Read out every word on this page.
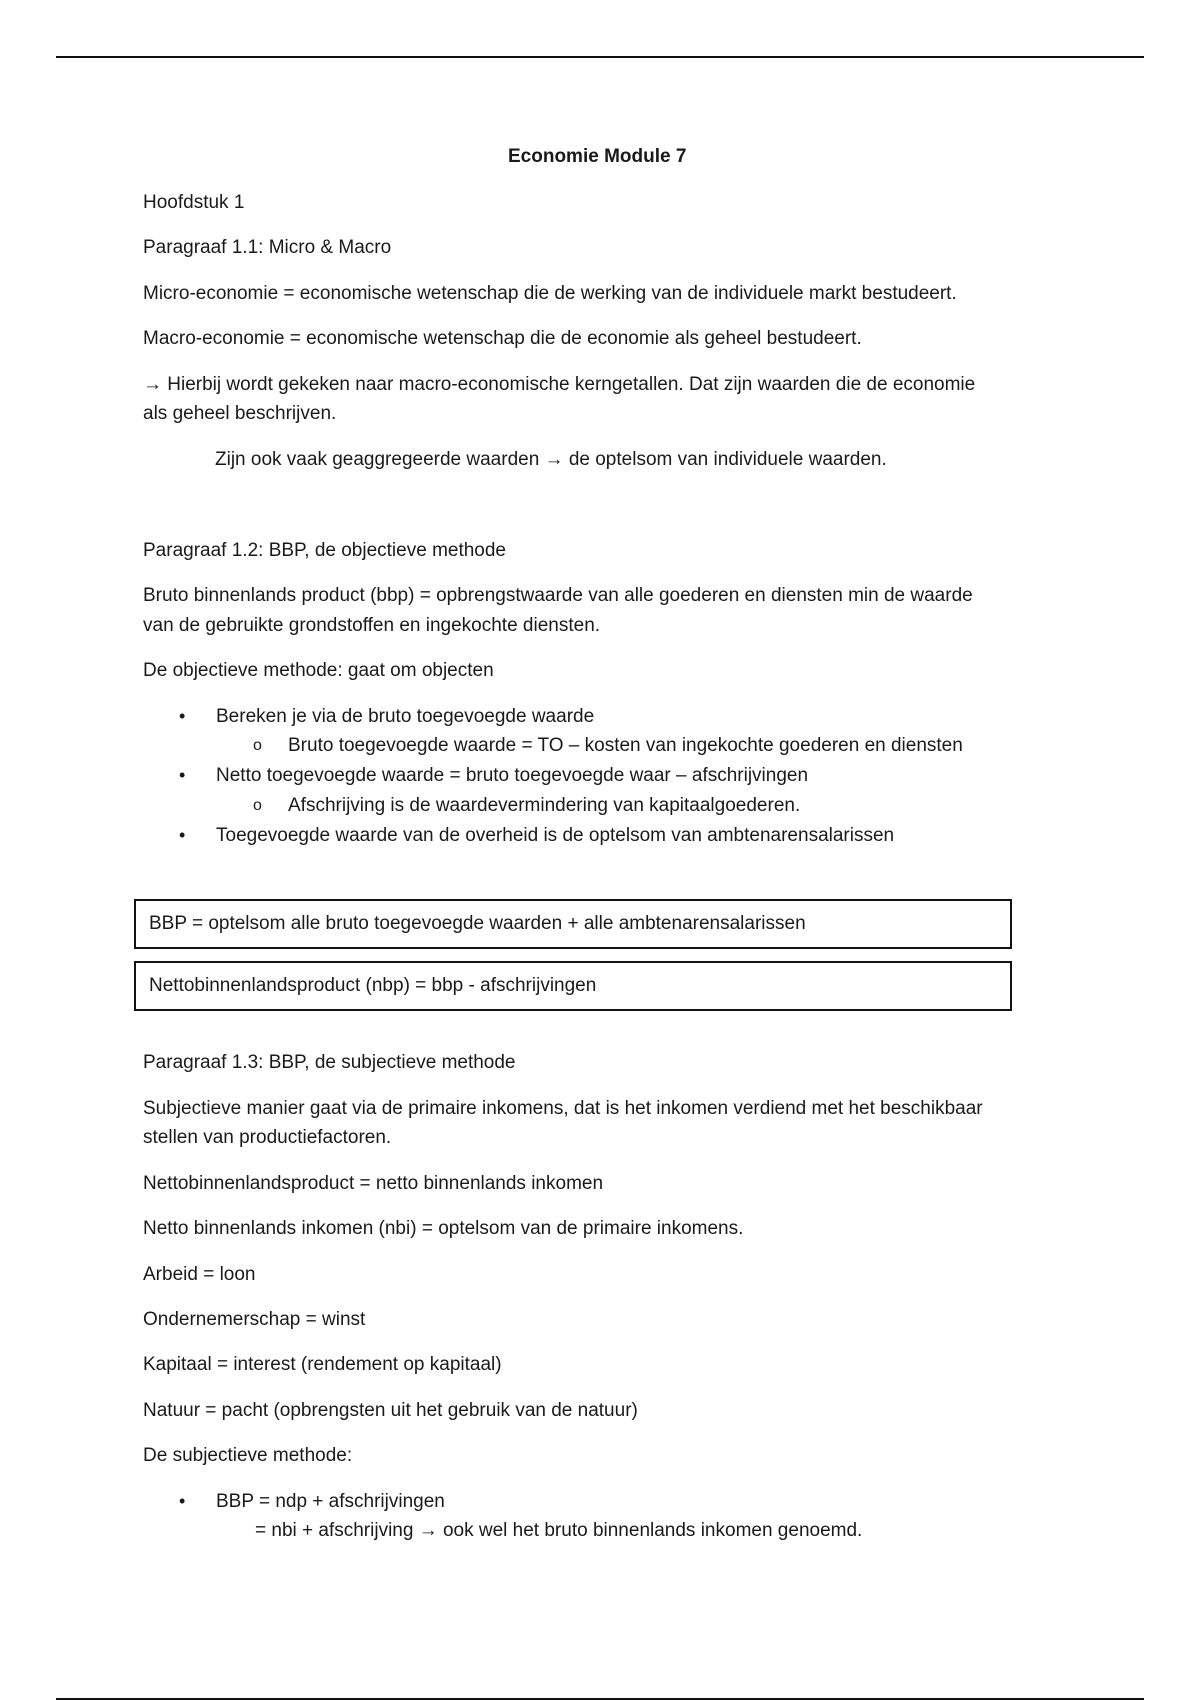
Economie Module 7
Hoofdstuk 1
Paragraaf 1.1: Micro & Macro
Micro-economie = economische wetenschap die de werking van de individuele markt bestudeert.
Macro-economie = economische wetenschap die de economie als geheel bestudeert.
→ Hierbij wordt gekeken naar macro-economische kerngetallen. Dat zijn waarden die de economie
als geheel beschrijven.
Zijn ook vaak geaggregeerde waarden → de optelsom van individuele waarden.
Paragraaf 1.2: BBP, de objectieve methode
Bruto binnenlands product (bbp) = opbrengstwaarde van alle goederen en diensten min de waarde
van de gebruikte grondstoffen en ingekochte diensten.
De objectieve methode: gaat om objecten
• Bereken je via de bruto toegevoegde waarde
o Bruto toegevoegde waarde = TO – kosten van ingekochte goederen en diensten
• Netto toegevoegde waarde = bruto toegevoegde waar – afschrijvingen
o Afschrijving is de waardevermindering van kapitaalgoederen.
• Toegevoegde waarde van de overheid is de optelsom van ambtenarensalarissen
BBP = optelsom alle bruto toegevoegde waarden + alle ambtenarensalarissen
Nettobinnenlandsproduct (nbp) = bbp - afschrijvingen
Paragraaf 1.3: BBP, de subjectieve methode
Subjectieve manier gaat via de primaire inkomens, dat is het inkomen verdiend met het beschikbaar
stellen van productiefactoren.
Nettobinnenlandsproduct = netto binnenlands inkomen
Netto binnenlands inkomen (nbi) = optelsom van de primaire inkomens.
Arbeid = loon
Ondernemerschap = winst
Kapitaal = interest (rendement op kapitaal)
Natuur = pacht (opbrengsten uit het gebruik van de natuur)
De subjectieve methode:
• BBP = ndp + afschrijvingen
= nbi + afschrijving → ook wel het bruto binnenlands inkomen genoemd.
